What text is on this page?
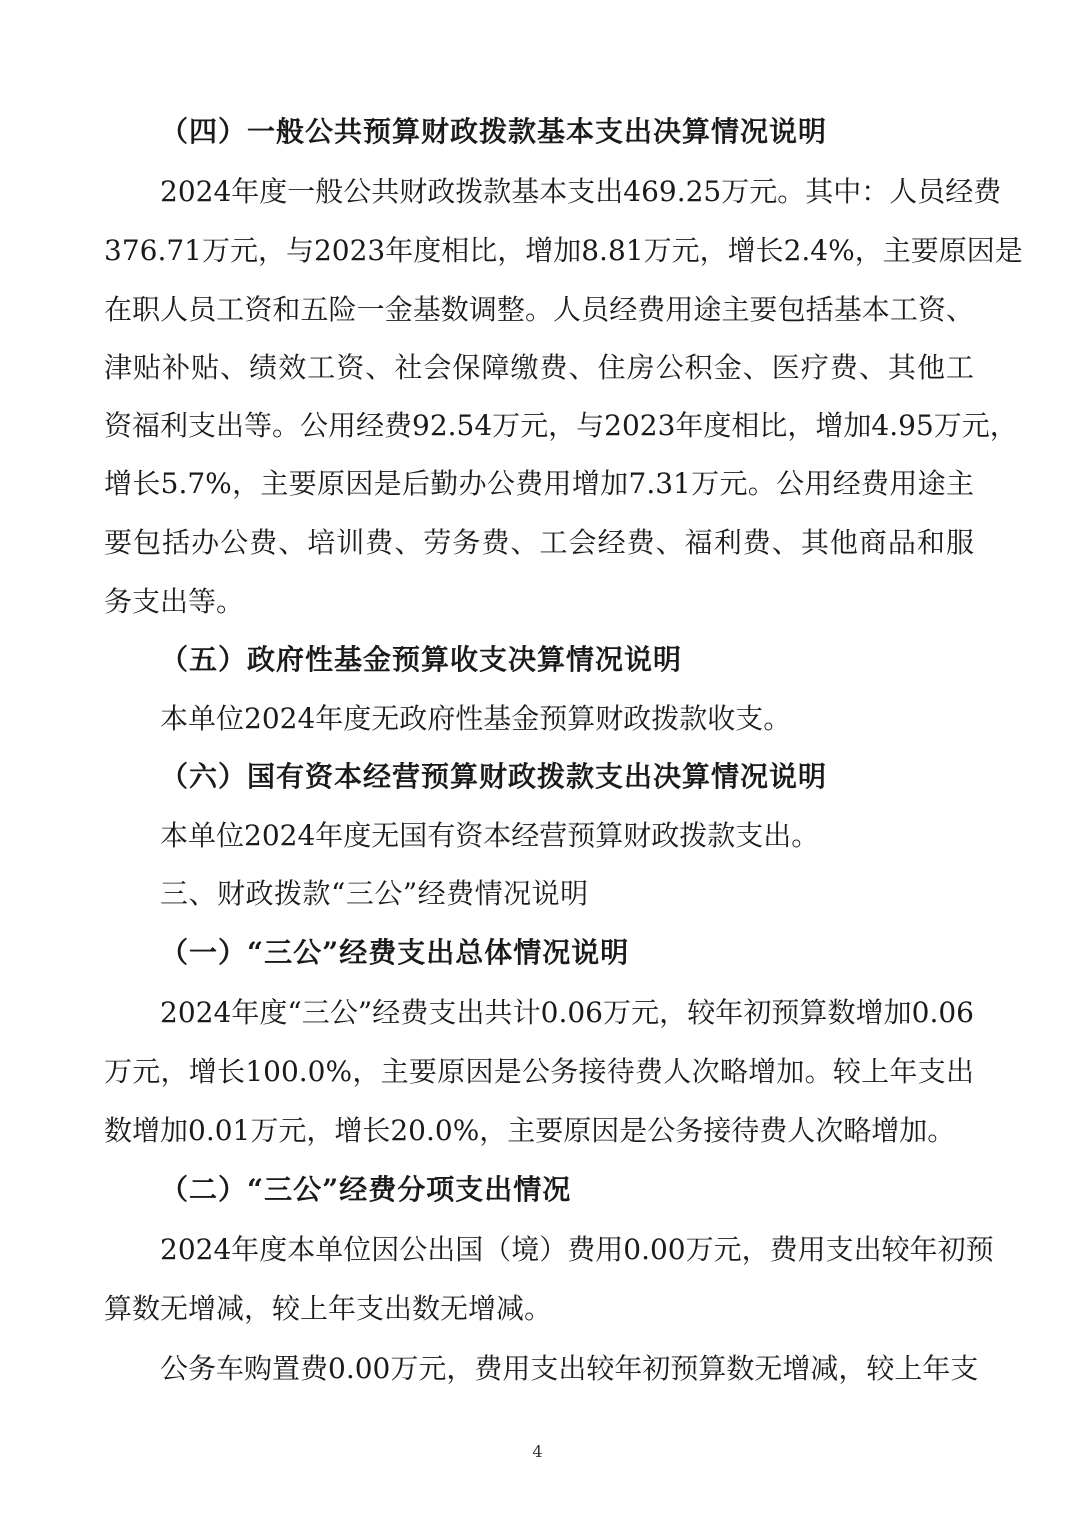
（四）一般公共预算财政拨款基本支出决算情况说明

2024年度一般公共财政拨款基本支出469.25万元。其中：人员经费

376.71万元，与2023年度相比，增加8.81万元，增长2.4%，主要原因是

在职人员工资和五险一金基数调整。人员经费用途主要包括基本工资、

津贴补贴、绩效工资、社会保障缴费、住房公积金、医疗费、其他工

资福利支出等。公用经费92.54万元，与2023年度相比，增加4.95万元，

增长5.7%，主要原因是后勤办公费用增加7.31万元。公用经费用途主

要包括办公费、培训费、劳务费、工会经费、福利费、其他商品和服

务支出等。

（五）政府性基金预算收支决算情况说明

本单位2024年度无政府性基金预算财政拨款收支。

（六）国有资本经营预算财政拨款支出决算情况说明

本单位2024年度无国有资本经营预算财政拨款支出。

三、财政拨款“三公”经费情况说明

（一）“三公”经费支出总体情况说明

2024年度“三公”经费支出共计0.06万元，较年初预算数增加0.06

万元，增长100.0%，主要原因是公务接待费人次略增加。较上年支出

数增加0.01万元，增长20.0%，主要原因是公务接待费人次略增加。

（二）“三公”经费分项支出情况

2024年度本单位因公出国（境）费用0.00万元，费用支出较年初预

算数无增减，较上年支出数无增减。

公务车购置费0.00万元，费用支出较年初预算数无增减，较上年支

4
